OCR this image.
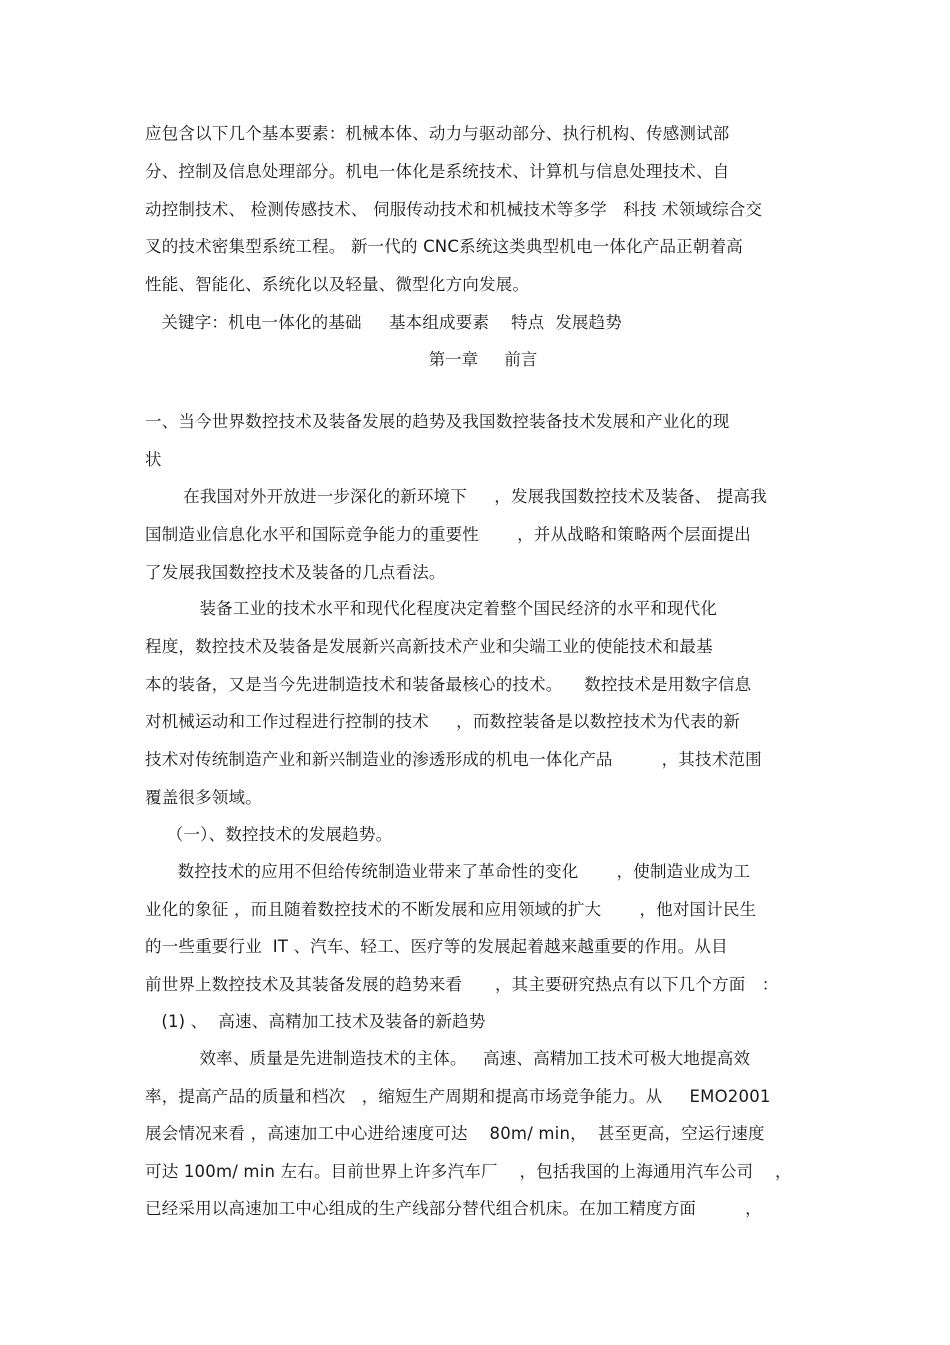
应包含以下几个基本要素：机械本体、动力与驱动部分、执行机构、传感测试部
分、控制及信息处理部分。机电一体化是系统技术、计算机与信息处理技术、自
动控制技术、 检测传感技术、 伺服传动技术和机械技术等多学   科技 术领域综合交
叉的技术密集型系统工程。 新一代的 CNC系统这类典型机电一体化产品正朝着高
性能、智能化、系统化以及轻量、微型化方向发展。
关键字：机电一体化的基础     基本组成要素    特点  发展趋势
第一章     前言
一、当今世界数控技术及装备发展的趋势及我国数控装备技术发展和产业化的现
状
在我国对外开放进一步深化的新环境下     ，发展我国数控技术及装备、 提高我
国制造业信息化水平和国际竞争能力的重要性       ，并从战略和策略两个层面提出
了发展我国数控技术及装备的几点看法。
装备工业的技术水平和现代化程度决定着整个国民经济的水平和现代化
程度，数控技术及装备是发展新兴高新技术产业和尖端工业的使能技术和最基
本的装备，又是当今先进制造技术和装备最核心的技术。    数控技术是用数字信息
对机械运动和工作过程进行控制的技术     ，而数控装备是以数控技术为代表的新
技术对传统制造产业和新兴制造业的渗透形成的机电一体化产品         ，其技术范围
覆盖很多领域。
（一）、数控技术的发展趋势。
数控技术的应用不但给传统制造业带来了革命性的变化       ，使制造业成为工
业化的象征 ，而且随着数控技术的不断发展和应用领域的扩大       ，他对国计民生
的一些重要行业  IT 、汽车、轻工、医疗等的发展起着越来越重要的作用。从目
前世界上数控技术及其装备发展的趋势来看      ，其主要研究热点有以下几个方面   ：
(1) 、  高速、高精加工技术及装备的新趋势
效率、质量是先进制造技术的主体。   高速、高精加工技术可极大地提高效
率，提高产品的质量和档次   ，缩短生产周期和提高市场竞争能力。从     EMO2001
展会情况来看 ，高速加工中心进给速度可达    80m/ min，  甚至更高，空运行速度
可达 100m/ min 左右。目前世界上许多汽车厂    ，包括我国的上海通用汽车公司    ，
已经采用以高速加工中心组成的生产线部分替代组合机床。在加工精度方面         ，
